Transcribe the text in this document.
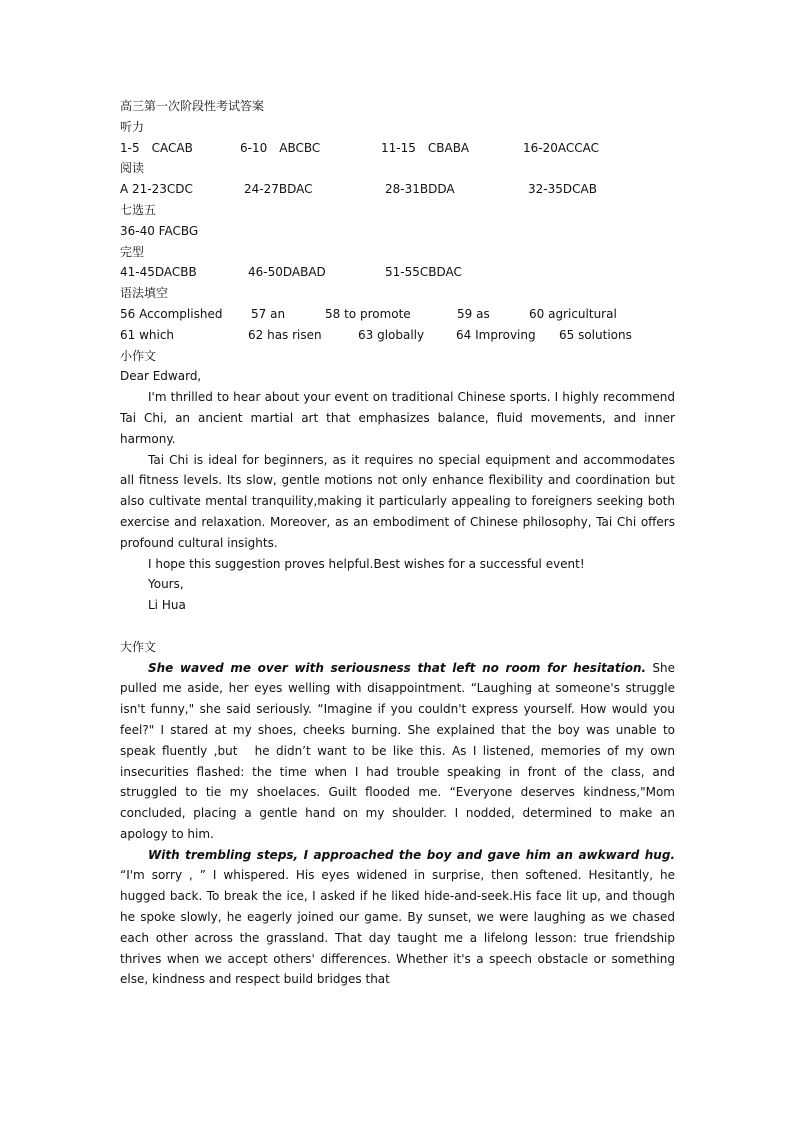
高三第一次阶段性考试答案
听力
1-5　CACAB	6-10　ABCBC	11-15　CBABA	16-20ACCAC
阅读
A 21-23CDC	24-27BDAC	28-31BDDA	32-35DCAB
七选五
36-40 FACBG
完型
41-45DACBB	46-50DABAD	51-55CBDAC
语法填空
56 Accomplished 57 an	58 to promote	59 as	60 agricultural
61 which	62 has risen	63 globally	64 Improving 65 solutions
小作文
Dear Edward,

I'm thrilled to hear about your event on traditional Chinese sports. I highly recommend Tai Chi, an ancient martial art that emphasizes balance, fluid movements, and inner harmony.

Tai Chi is ideal for beginners, as it requires no special equipment and accommodates all fitness levels. Its slow, gentle motions not only enhance flexibility and coordination but also cultivate mental tranquility,making it particularly appealing to foreigners seeking both exercise and relaxation. Moreover, as an embodiment of Chinese philosophy, Tai Chi offers profound cultural insights.

I hope this suggestion proves helpful.Best wishes for a successful event!

Yours,
Li Hua
大作文

She waved me over with seriousness that left no room for hesitation. She pulled me aside, her eyes welling with disappointment. “Laughing at someone's struggle isn't funny," she said seriously. “Imagine if you couldn't express yourself. How would you feel?" I stared at my shoes, cheeks burning. She explained that the boy was unable to speak fluently ,but　he didn’t want to be like this. As I listened, memories of my own insecurities flashed: the time when I had trouble speaking in front of the class, and struggled to tie my shoelaces. Guilt flooded me. “Everyone deserves kindness,"Mom concluded, placing a gentle hand on my shoulder. I nodded, determined to make an apology to him.

With trembling steps, I approached the boy and gave him an awkward hug. “I'm sorry , ” I whispered. His eyes widened in surprise, then softened. Hesitantly, he hugged back. To break the ice, I asked if he liked hide-and-seek.His face lit up, and though he spoke slowly, he eagerly joined our game. By sunset, we were laughing as we chased each other across the grassland. That day taught me a lifelong lesson: true friendship thrives when we accept others' differences. Whether it's a speech obstacle or something else, kindness and respect build bridges that
